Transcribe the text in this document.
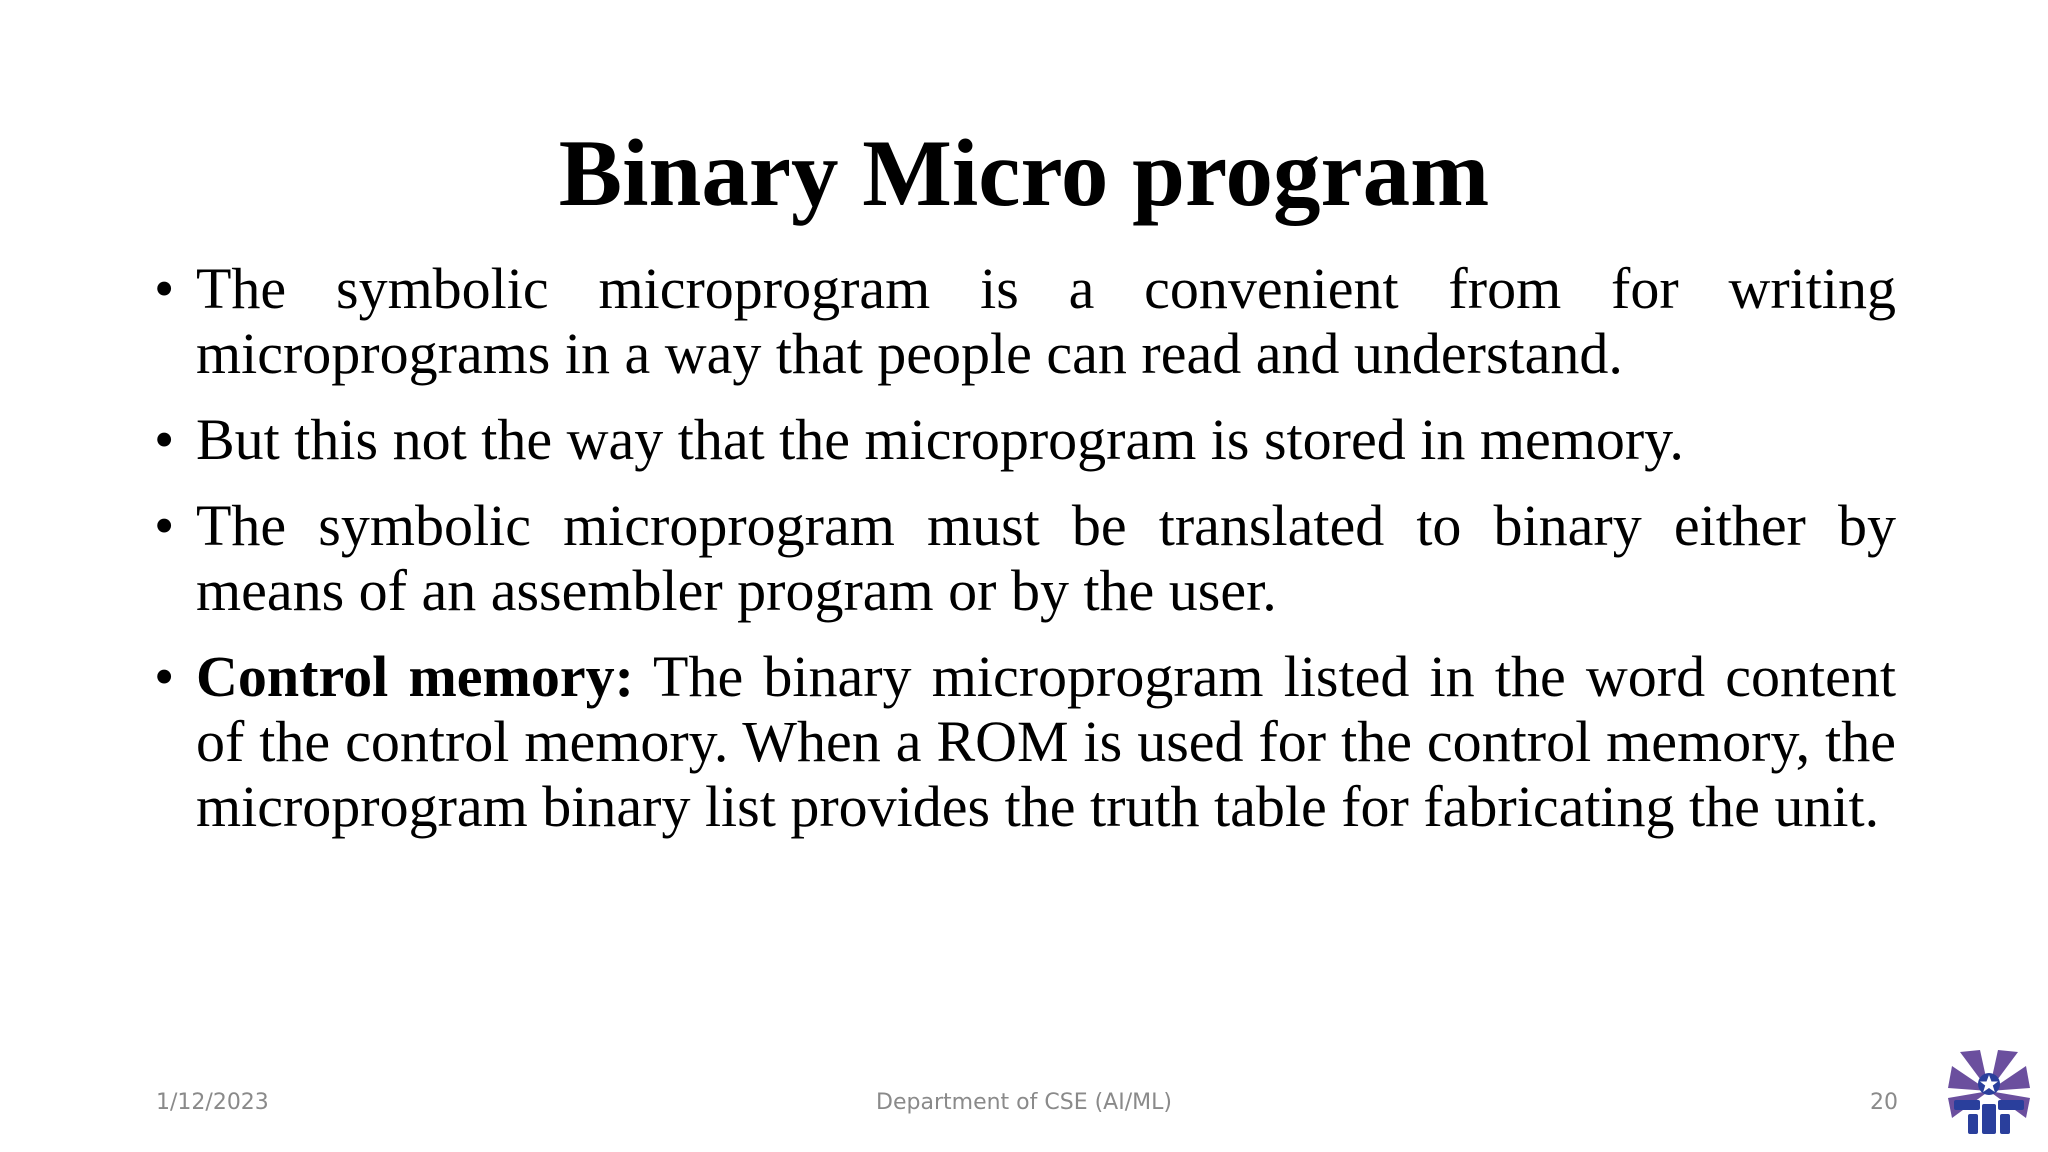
Binary Micro program
• The symbolic microprogram is a convenient from for writing microprograms in a way that people can read and understand.
• But this not the way that the microprogram is stored in memory.
• The symbolic microprogram must be translated to binary either by means of an assembler program or by the user.
• Control memory: The binary microprogram listed in the word content of the control memory. When a ROM is used for the control memory, the microprogram binary list provides the truth table for fabricating the unit.
1/12/2023	Department of CSE (AI/ML)	20
